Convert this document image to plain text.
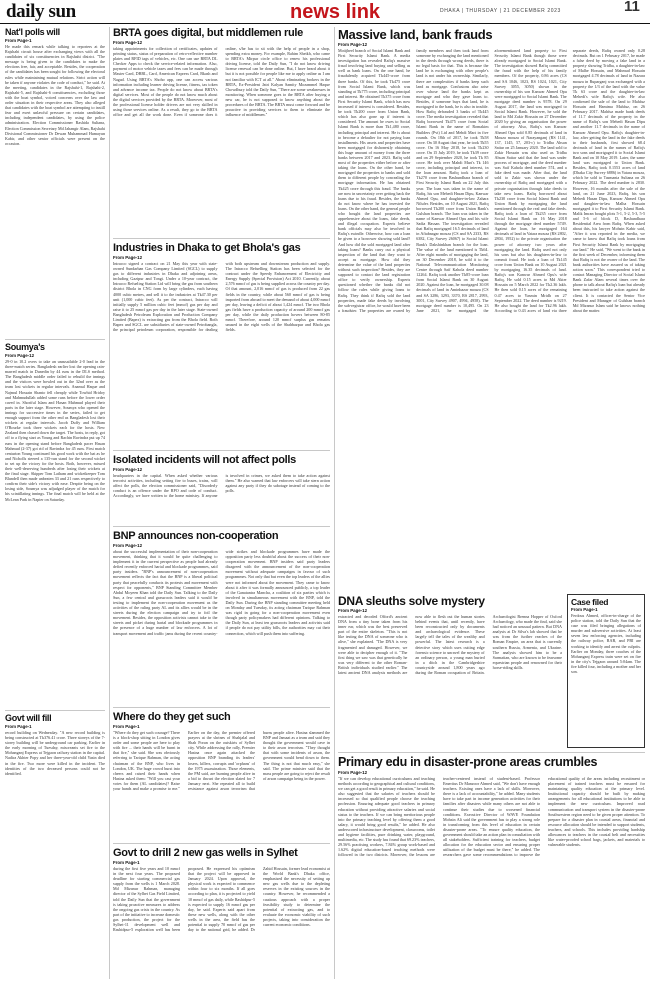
daily sun	news link	DHAKA | THURSDAY | 21 DECEMBER 2023	11
Nat'l polls will
From Page-1
He made this remark while talking to reporters at the Rajshahi circuit house after exchanging views with all the candidates of six constituencies in Rajshahi district. "The message is being given to the candidates to make the elections free, fair, and acceptable. Besides, the cooperation of the candidates has been sought for following the electoral rules while maintaining mutual relations. Strict action will be taken if anyone violates the code of conduct," he said. At the meeting, candidates in the Rajshahi-1, Rajshahi-2, Rajshahi-5, and Rajshahi-6 constituencies, excluding those with the boat symbol, voiced concerns over the law and order situation in their respective areas. They also alleged that candidates with the boat symbol are attempting to instill fear and exert unlawful pressure on certain candidates, including independent candidates, by using the police administration. Election Commissioner Rashida Sultana, Election Commission Secretary Md Jahangir Alam, Rajshahi Divisional Commissioner Dr Dewan Muhammad Humayun Kabir, and other senior officials were present on the occasion.
Soumya's
From Page-12
29-0 in 10.2 overs to take an unassailable 2-0 lead in the three-match series. Bangladesh earlier lost the opening rain-marred match in Dunedin by 44 runs in the DLS method. The Bangladesh middle order failed to rebuild the innings and the visitors were bowled out in the 32nd over as the team lost wickets in regular intervals. Anamul Haque and Najmul Hossain Shanto fell cheaply while Towhid Hridoy and Mahmudullah added some runs before the lower order caved in. Shoriful Islam and Hasan Mahmud played their parts in the later stage. However, Soumya who opened the innings for successive times in the series, failed to get enough support from the other end as Bangladesh lost their wickets at regular intervals. Jacob Duffy and William O'Rourke took three wickets each for the hosts. New Zealand then chased down the target. The hosts, in reply, got off to a flying start as Young and Rachin Ravindra put up 74 runs in the opening stand before Bangladesh pacer Hasan Mahmud (2-37) got rid of Ravindra for 45 runs. First match centurion Young continued his good work with the bat as he and Nicholls steered a 135-run stand for the second wicket to set up the victory for the hosts. Both, however, missed their well-deserving hundreds after losing their wickets at the final stage. Skipper Tom Latham and wicketkeeper Tom Blundell then made unbeaten 33 and 21 runs respectively to confirm their side's victory with ease. Despite being on the losing side, Soumya was adjudged player of the match for his scintillating innings. The final match will be held at the McLean Park in Napier on Saturday.
Govt will fill
From Page-1
record building on Wednesday. "A new record building is being constructed at Tk376.41 crore. Three storeys of the 7-storey building will be underground car parking. Earlier in the early morning of Tuesday, miscreants set fire to the Mohanganj Express at Tejgaon railway station in the capital. Nadira Akhter Popy and her three-year-old child Yasin died in the fire. Two more were killed in the incident. The identities of the two deceased persons could not be identified.
BRTA goes digital, but middlemen rule
From Page-12
taking appointments for collection of certificates, updates of printing status, status of preparation of retro-reflective number plates and RFID tags of vehicles, etc. One can use BRTA DL Checker Apps to check the service-related information. Also, payment of motor vehicle taxes and fees can be made through Master Card, DBBL, Card, American Express Card, Bkash and Nagad. Using BRTA's Shoho app, one can access various information including learner driving license, fitness, tax token and advance income tax. People do not know about BRTA's digital services. Most of the people do not know much about the digital services provided by the BRTA. Moreover, most of the professional license holder drivers are not very skilled in using those services online. As a result, they go to the BRTA office and get all the work done. Even if someone does it online, s/he has to sit with the help of people in a shop, spending extra money. For example, Rahim Sheikh, who came to BRTA's Mirpur circle office to renew his professional driving license, told the Daily Sun, "I do not know driving license renewal can be done online. But, I have heard about it but it is not possible for people like me to apply online as I am not familiar with ICT at all." About eliminating brokers in the BRTA, Ex-President Jatri Kalyan Samity Mozammel Haque Chowdhury told the Daily Sun, "There are some weaknesses in monitoring. When someone goes to the BRTA after buying a new car, he is not supposed to know anything about the procedures of the BRTA. The BRTA must come forward and be proactive in providing services to them to eliminate the influence of middlemen."
Industries in Dhaka to get Bhola's gas
From Page-12
Intracco signed a contract on 21 May this year with state-owned Sundarban Gas Company Limited (SGCL) to supply gas to different industries in Dhaka and adjoining areas, including Gazipur and Tongi. Under a 10-year contract, the Intracco Refueling Station Ltd will bring the gas from southern district Bhola in CNG form by large cylinders, each having 4000 cubic metres, and sell it to the industries at Tk47.30 per unit (1,000 cubic feet). As per the contract, Intracco will initially supply 5 million cubic feet (mmcf) gas per day and raise it to 25 mmcf gas per day in the later stage. State-owned Bangladesh Petroleum Exploration and Production Company Limited (Bapex) is extracting gas from the Bhola field. Both Bapex and SGCL are subsidiaries of state-owned Petrobangla, the principal petroleum corporation, responsible for dealing with both upstream and downstream production and supply. The Intracco Refuelling Station has been selected for the contract under the Speedy Enhancement of Electricity and Energy Supply (Special Provision) Act 2010. Currently, about 2,576 mmcf of gas is being supplied across the country per day. Of that amount, 2,016 mmcf of gas is produced from 22 gas fields in the country, while about 560 mmcf of gas is being imported from abroad to meet the demand of about 4,000 mmcf per day, leaving a deficit of about 1,424 mmcf. The two Bhola gas fields have a production capacity of around 200 mmcf gas per day, while the daily production hovers between 80-85 mmcf. Therefore, around 120 mmcf surplus gas remains unused in the eight wells of the Shahbazpur and Bhola gas fields.
Isolated incidents will not affect polls
From Page-12
headquarters in the capital. When asked whether various terrorist activities, including setting fire to buses, trains, will affect the polls, the election commissioner said, "Disorderly conduct is an offence under the RPO and code of conduct. Accordingly, we have written to the home ministry. If anyone is involved in crimes, we asked them to take action against them." He also warned that law enforcers will take stern action against any party if they do sabotage instead of coming to the polls.
BNP announces non-cooperation
From Page-12
about the successful implementation of their non-cooperation movement, thinking that it would be quite challenging to implement it in the current perspective as people had already defied recently enforced hartal and blockade programmes, said party insiders. "BNP's announcement of non-cooperation movement reflects the fact that the BNP is a liberal political party that peacefully conducts its protests and movement with respect for opponents," BNP Standing Committee Member Abdul Moyeen Khan told the Daily Sun. Talking to the Daily Sun, a few central and grassroots leaders said it would be testing to implement the non-cooperation movement as the activities of the ruling party AL and its allies would be in the streets during the election campaign and try to foil the movement. Besides, the opposition activists cannot take to the streets and picket during hartal and blockade programmes in the presence of a huge number of law enforcers. A lot of transport movement and traffic jams during the recent country-wide strikes and blockade programmes have made the opposition party less doubtful about the success of their non-cooperation movement. BNP insiders said party leaders disagreed with the announcement of the non-cooperation movement without adequate campaigns in favour of such programmes. Not only that but even the top leaders of the allies were not informed about the movement. They came to know about it after it was formally announced publicly, a top leader of the Ganatantra Mancha, a coalition of six parties which is involved in simultaneous movement with the BNP, told the Daily Sun. During the BNP standing committee meeting held on Monday and Tuesday, its acting chairman Tarique Rahman was rigid in going for a non-cooperation movement even though party policymakers had different opinions. Talking to the Daily Sun, at least ten grassroots leaders and activists said if people do not pay utility bills, the authorities may cut their connection, which will push them into suffering.
Where do they get such
From Page-1
"Where do they get such courage? There is a block-shop sitting in London gives order and some people are here to play with fire ... their hands will be burnt in that fire," she said. She was obviously referring to Tarique Rahman, the acting chairman of the BNP, who lives in London, UK. The huge crowd burst into cheers and raised their hands when Hasina asked them: "Will you cast your votes for them (AL candidates)? Raise your hands and make a promise to me." Earlier on the day, the premier offered prayers at the shrines of Shahjalal and Shah Poran on the outskirts of Sylhet city. While addressing the rally, Premier Hasina once again attacked the opposition BNP branding its leaders' losers, killers, corrupts and 'orphans' of the 1975 assassination. Those elements, the PM said, are burning people alive in a bid to thwart the election slated for 7 January next. She repeated all to build resistance against arson terrorism that burns people alive. Hasina slammed the BNP and Jamaat as a team and said they thought the government would cave in to their arson terrorism. "They thought that with some incidents of arson, the government would bend down to them. The thing is not that much easy," she said. The prime minister said that the mass people are going to reject the result of arson campaign being in the power.
Govt to drill 2 new gas wells in Sylhet
From Page-1
during the first five years and 10 mmcf in the next four years. The proposed deadline for starting commercial gas supply from the wells is 1 March 2028. Md Mizanur Rahman, managing director of the Sylhet Gas Field Limited, told the Daily Sun that the government is taking proactive measures to address the ongoing gas crisis in the country. As part of the initiative to increase domestic gas production, the project for the Sylhet-11 development well and Rashidpur-5 exploration well has been proposed. He expressed his optimism that the project will be approved in January 2024. Upon approval, the physical work is expected to commence within four to six months. If all goes according to plan, it is projected to yield 10 mmcf of gas daily, while Rashidpur-5 is expected to supply 16 mmcf gas per day, he said. Experts said apart from these new wells, along with the other wells in the area, the field has the potential to supply 70 mmcf of gas per day to the national grid, he added. Dr Zahid Hossain, former lead economist at the World Bank's Dhaka office, emphasised the necessity of setting up new gas wells due to the depleting reserves in the existing sources in the country. However, he recommended a cautious approach with a proper feasibility study to determine the potential of extracting gas, and to evaluate the economic viability of such projects, taking into consideration the current economic conditions.
Massive land, bank frauds
From Page-12
Motijheel branch of Social Islami Bank and First Security Islami Bank. A media investigation has revealed Rafiq's massive fraud involving land buying and selling as well as bank loans. On the one hand, he fraudulently acquired Tk445-crore from three banks. Of this, he took Tk475 crore from Social Islami Bank, which was standing at Tk775 crore, including principal and interest. He obtained Tk375 crore from First Security Islami Bank, which has now increased if interest is considered. Besides, he took Tk200 crore from Union Bank, which has also gone up if interest is considered. The amount he owes to Social Islami Bank is more than Tk1,480 crore, including principal and interest. He is about to become a defaulter for not paying loan installments. His assets and properties have been mortgaged for dishonestly obtaining this huge amount of money from the three banks between 2017 and 2023. Rafiq sold most of the properties either before or after taking the loans. On the other hand, he mortgaged the properties to banks and sold them to different people by concealing the mortgage information. He has obtained Tk425 crore through this fraud. The banks are now in uncertainty over getting back the loans due to his fraud. Besides, the banks do not know where he has invested the loans. On the other hand, the general people who bought the land properties are apprehensive about the loans, fake deeds, and illegal occupation. Experts believe bank officials may also be involved in Rafiq's swindle. Otherwise, how can a loan be given to a borrower showing sold land? And how did the sold mortgaged land after taking loans? Banks carry out a physical inspection of the land that they want to accept as mortgage. How did they determine the value of the land properties without such inspection? Besides, they are supposed to contact the land registration office to verify ownership. Experts questioned whether the banks did not follow the rules while giving loans to Rafiq. They think if Rafiq sold the land properties, made fake deeds by involving the sub-registrar office, he would have been a fraudster. The properties are owned by family members and then took land from someone by exchanging the land mentioned in the deeds through wrong deeds, there is no legal basis for that. This is because the land he is exchanging with other people's land is not under his ownership. Similarly, there are complexities if banks keep such land as mortgage. Confusions also arise over whose land the banks kept as mortgage and who they gave loans to. Besides, if someone buys that land, he is mortgaged to the bank, he is also in trouble. How Rafiq defrauded 3 banks of Tk445 crore. The media investigation revealed that Rafiq borrowed Tk475 crore from Social Islami Bank in the name of Romakim Builders (Pvt) Ltd and Mehdi Mart in five rounds. On 18th of 2017, he took Tk58 crore. On 30 August that year, he took Tk55 crore. On 16 May 2018, he took Tk230 crore. On 15 July 2019, he took Tk39 crore and on 29 September 2020, he took Tk 85 crore. He took over Mahdi Mart's Tk 146 crore, including principal and interest, in the loan amount. Rafiq took a loan of Tk270 crore from Bashundhara branch of First Security Islami Bank on 22 July this year. The loan was taken in the name of Rafiq, his son Mehedi Hasan Dipu, Kanwar Ahmed Opu, and daughter-in-law Zahara Nilufer. Besides, on 10 August 2021, Rafiq borrowed Tk200 crore from Union Bank's Gulshan branch. The loan was taken in the name of Kanwar Ahmed Opu and his wife Sadia Hassan. The investigation revealed that Rafiq mortgaged 16.5 decimals of land in Aftabnagar mouza (CS and SA 2333, RS 6382, City Survey 26067) to Social Islami Bank's Dakshinkhan branch for the loan. The value of the land mentioned is Tk64. After eight months of mortgaging the land, on 30 December 2018, he sold it to the National Telecommunication Monitoring Centre through Saif Kahola deed number 12264. Rafiq took another Tk85-crore loan from Social Islami Bank on 30 August 2020. Against the loan, he mortgaged 30.08 decimals of land in Aminbazar mouza (CS and SA 3286, 3293, 3370, RS 2817, 2993, 3001, City Survey 4907, 4994, 4958). The mortgage deed number is 10,495. On 23 June 2021, he mortgaged the aforementioned land property to First Security Islami Bank though those were already mortgaged to Social Islami Bank. The investigation showed Rafiq committed the fraud with the help of his family members. Of the property, 0.86 acres (CS and SA 1046, 1023, RS 1024, 1021, City Survey 3055, 3050) shown in the ownership of his son Kanwar Ahmed Opu were mortgaged to Social Islami Bank. The mortgage deed number is 9578. On 29 August 2017, the land was mortgaged to Social Islami Bank. However, he sold the land to Md Zakir Hossain on 27 December 2020 by giving an organisation the power of attorney. Also, Rafiq's son Kanwar Ahmed Opu sold 0.85 decimals of land in Mouza mouza of Narayanganj (RS 1141, 137, 1145, 57, 203-c) to Tridha Ahsan Sattar on 25 January 2020. The land sold to Zakir Hossain was also used as Tridha Ahsan Sattar said that the land was under process of mortgage, and the deed number was Saif Kahola deed number 574, and a fake deed was made. After that, the land sold to Zakir was shown under the ownership of Rafiq and mortgaged with a private organisation through fake deeds to take new loans. Rafiq borrowed about Tk230 crore from Social Islami Bank and Union Bank by mortgaging the land mentioned through the real and fake deeds. Rafiq took a loan of Tk235 crore from Social Islami Bank on 16 May 2018 through the mortgage deed number 5749. Against the loan, he mortgaged 164 decimals of land in Vatara mouza (RS 2802, 2804, 1952) to the private organisation the power of attorney two years after mortgaging the land. Rafiq used not only his sons but also his daughters-in-law to commit fraud. He took a loan of Tk145 crore from Union Bank on 10 August 2021 by mortgaging 16.35 decimals of land. Rafiq's son Kanwar Ahmed Opu's wife Rafiq, He sold 0.15 acres to Md Akter Hossain on 5 March 2022 for Tk2.36 lakh. He then sold 0.15 acres of the remaining 0.47 acres to Yasmin Mridh on 27 September 2022. The deed number is 9219. He also bought the land for Tk2.96 lakh. According to 0.43 acres of land via three separate deeds, Rafiq owned only 0.28 decimals. But on 1 February 2017, he made a false deed by moving a fake land in a property showing Tridha, a daughter-in-law of Malhe Hossain, and Mahmud Hossain mortgaged 4.78 decimals of land in Nazara mouza in Ruparganj was exchanged with a property the 1/3 of the land with the value Tk 63 crore and the daughter-in-law Mehedi's wife Rafiq's wife. He also confirmed the sale of the land to Mahfuz Hossain and Hamima Mahfuz, on 26 February 2017. Mahfuz made bank deeds of 11.7 decimals of the property in the name of Rafiq's son Mehedi Hasan Dipu and another 11.7 decimals in the name of Kanwar Ahmed Opu. Rafiq's daughter-in-law, after getting the land in the fake deeds to their husbands, first showed 68.4 decimals of land in the names of Rafiq's two sons and mortgaged it to Social Islami Bank and on 10 May 2019. Later, the same land was mortgaged to Union Bank. Besides, Rafiq took 0.1553 acres of land (Dhaka City Survey 6886) in Vatara mouza, which he sold to Tasmania Sultana on 26 February 2022. The deed number is 2830. However, 16 months after the sale of the land, on 21 June 2023, Rafiq, his son Mehedi Hasan Dipu, Kanwar Ahmed Opu and daughter-in-law Malha Hossain mortgaged it to First Security Islami Bank. Malik Imran bought plots 5-1, 5-2, 5-3, 5-5 and 5-6 of block D, Bashundhara Residential Area from Rafiq. When asked about this, his lawyer Mohsin Kabir said, "After it was reported in the media, we came to know that Rafiq took loans from First Security Islami Bank by mortgaging our land." He said, "We went to the bank in the first week of December, informing them that Rafiq is not the owner of the land. The bank authorities have assured us of taking action soon." This correspondent tried to contact Managing Director of Social Islami Bank Zafar Alam several times over the phone to talk about Rafiq's loan but already been instructed to take action against the client. It is contacted the Senior Vice President and Manager of Gulshan branch Md Mizanur Islam said he knows nothing about the matter.
Case filed
From Page-1
Ferdous Ahmed, officer-in-charge of the police station, told the Daily Sun that the case was filed bringing allegations of murder and subversive activities. At least seven law enforcing agencies, including the railway police, RAB, and PBI are working to identify and arrest the culprits. Earlier on Monday, three coaches of the Mohanganj Express train were set on fire in the city's Tejgaon around 5:04am. The fire killed four, including a mother and her son.
DNA sleuths solve mystery
From Page-12
extracted and decoded Offord's ancient DNA from a tiny bone taken from his inner ear, which was the best preserved part of the entire skeleton. "This is not like testing the DNA of someone who is alive," she explained. "The DNA is very fragmented and damaged. However, we were able to decipher enough of it. "The first thing we saw was that genetically he was very different to the other Roman-British individuals studied earlier." The latest ancient DNA analysis methods are now able to flesh out the human stories behind events that, until recently, have been reconstructed only by documents and archaeological evidence. These largely tell the tales of the wealthy and powerful. The latest research is a detective story which uses cutting edge forensic science to unravel the mystery of an ordinary person, a young man buried in a ditch in the Cambridgeshire countryside around 1,800 years ago during the Roman occupation of Britain. Archaeologist Brenna Hopper of Oxford Archaeology, who made the find, said she had noticed an unusual pattern. But DNA analysis at Dr Silva's lab showed that he was from the further reaches of the Roman Empire, an area that is currently southern Russia, Armenia, and Ukraine. The analysis showed him to be a Sarmatian, who are known to be fearsome equestrian people and renowned for their horse-riding skills.
Primary edu in disaster-prone areas crumbles
From Page-12
"If we can develop educational curriculums and teaching methods according to geographical and cultural conditions, we can get a good result in primary education," he said. He also suggested that the salaries of teachers should be increased so that qualified people choose the teaching profession. Ensuring adequate good teachers in primary education without providing attractive salaries and social status to the teachers. If we can bring meritorious people into the primary teaching level by offering them a good salary, it would bring good results," he added. He also underscored infrastructure development, classrooms, toilet and hygiene facilities, pure drinking water, playground, multimedia, etc. The study has found that 69.23% teachers, 29.56% practising workers, 7.84% group work-based and 1.62% digital education-based teaching methods were followed in the two districts. Moreover, the lessons are teacher-centered instead of student-based. Professor Emeritus Dr Manzoor Ahmed said, "We don't have enough teachers. Existing ones have a lack of skills. Moreover, there is a lack of accountability," he added. Many students have to take part in income generation activities for their families after disasters while many others are not able to continue their studies due to worsened financial conditions. Executive Director of WAVE Foundation Mohsin Ali said the government has to play a strong role in transforming from this level of education in certain disaster-prone areas. "To ensure quality education, the government should take an action plan in consultation with all stakeholders. Sufficient training for teachers, budget allocation for the education sector and ensuring proper utilisation of the budget must be there," he added. The researchers gave some recommendations to improve the educational quality of the areas including recruitment or placement of trained teachers must be ensured for maintaining quality education at the primary level. Institutional capacity should be built by making arrangements for all educational institutions to be able to implement the new curriculum. Improved road communication and transport system in the disaster-prone Southwestern region need to be given proper attention. To prepare for a disaster plan in coastal areas, financial and resource allocation should be intended to support students, teachers, and schools. This includes providing hardship allowances to teachers in the coastal belt and necessities like water-proofed school bags, jackets, and materials to vulnerable students.
